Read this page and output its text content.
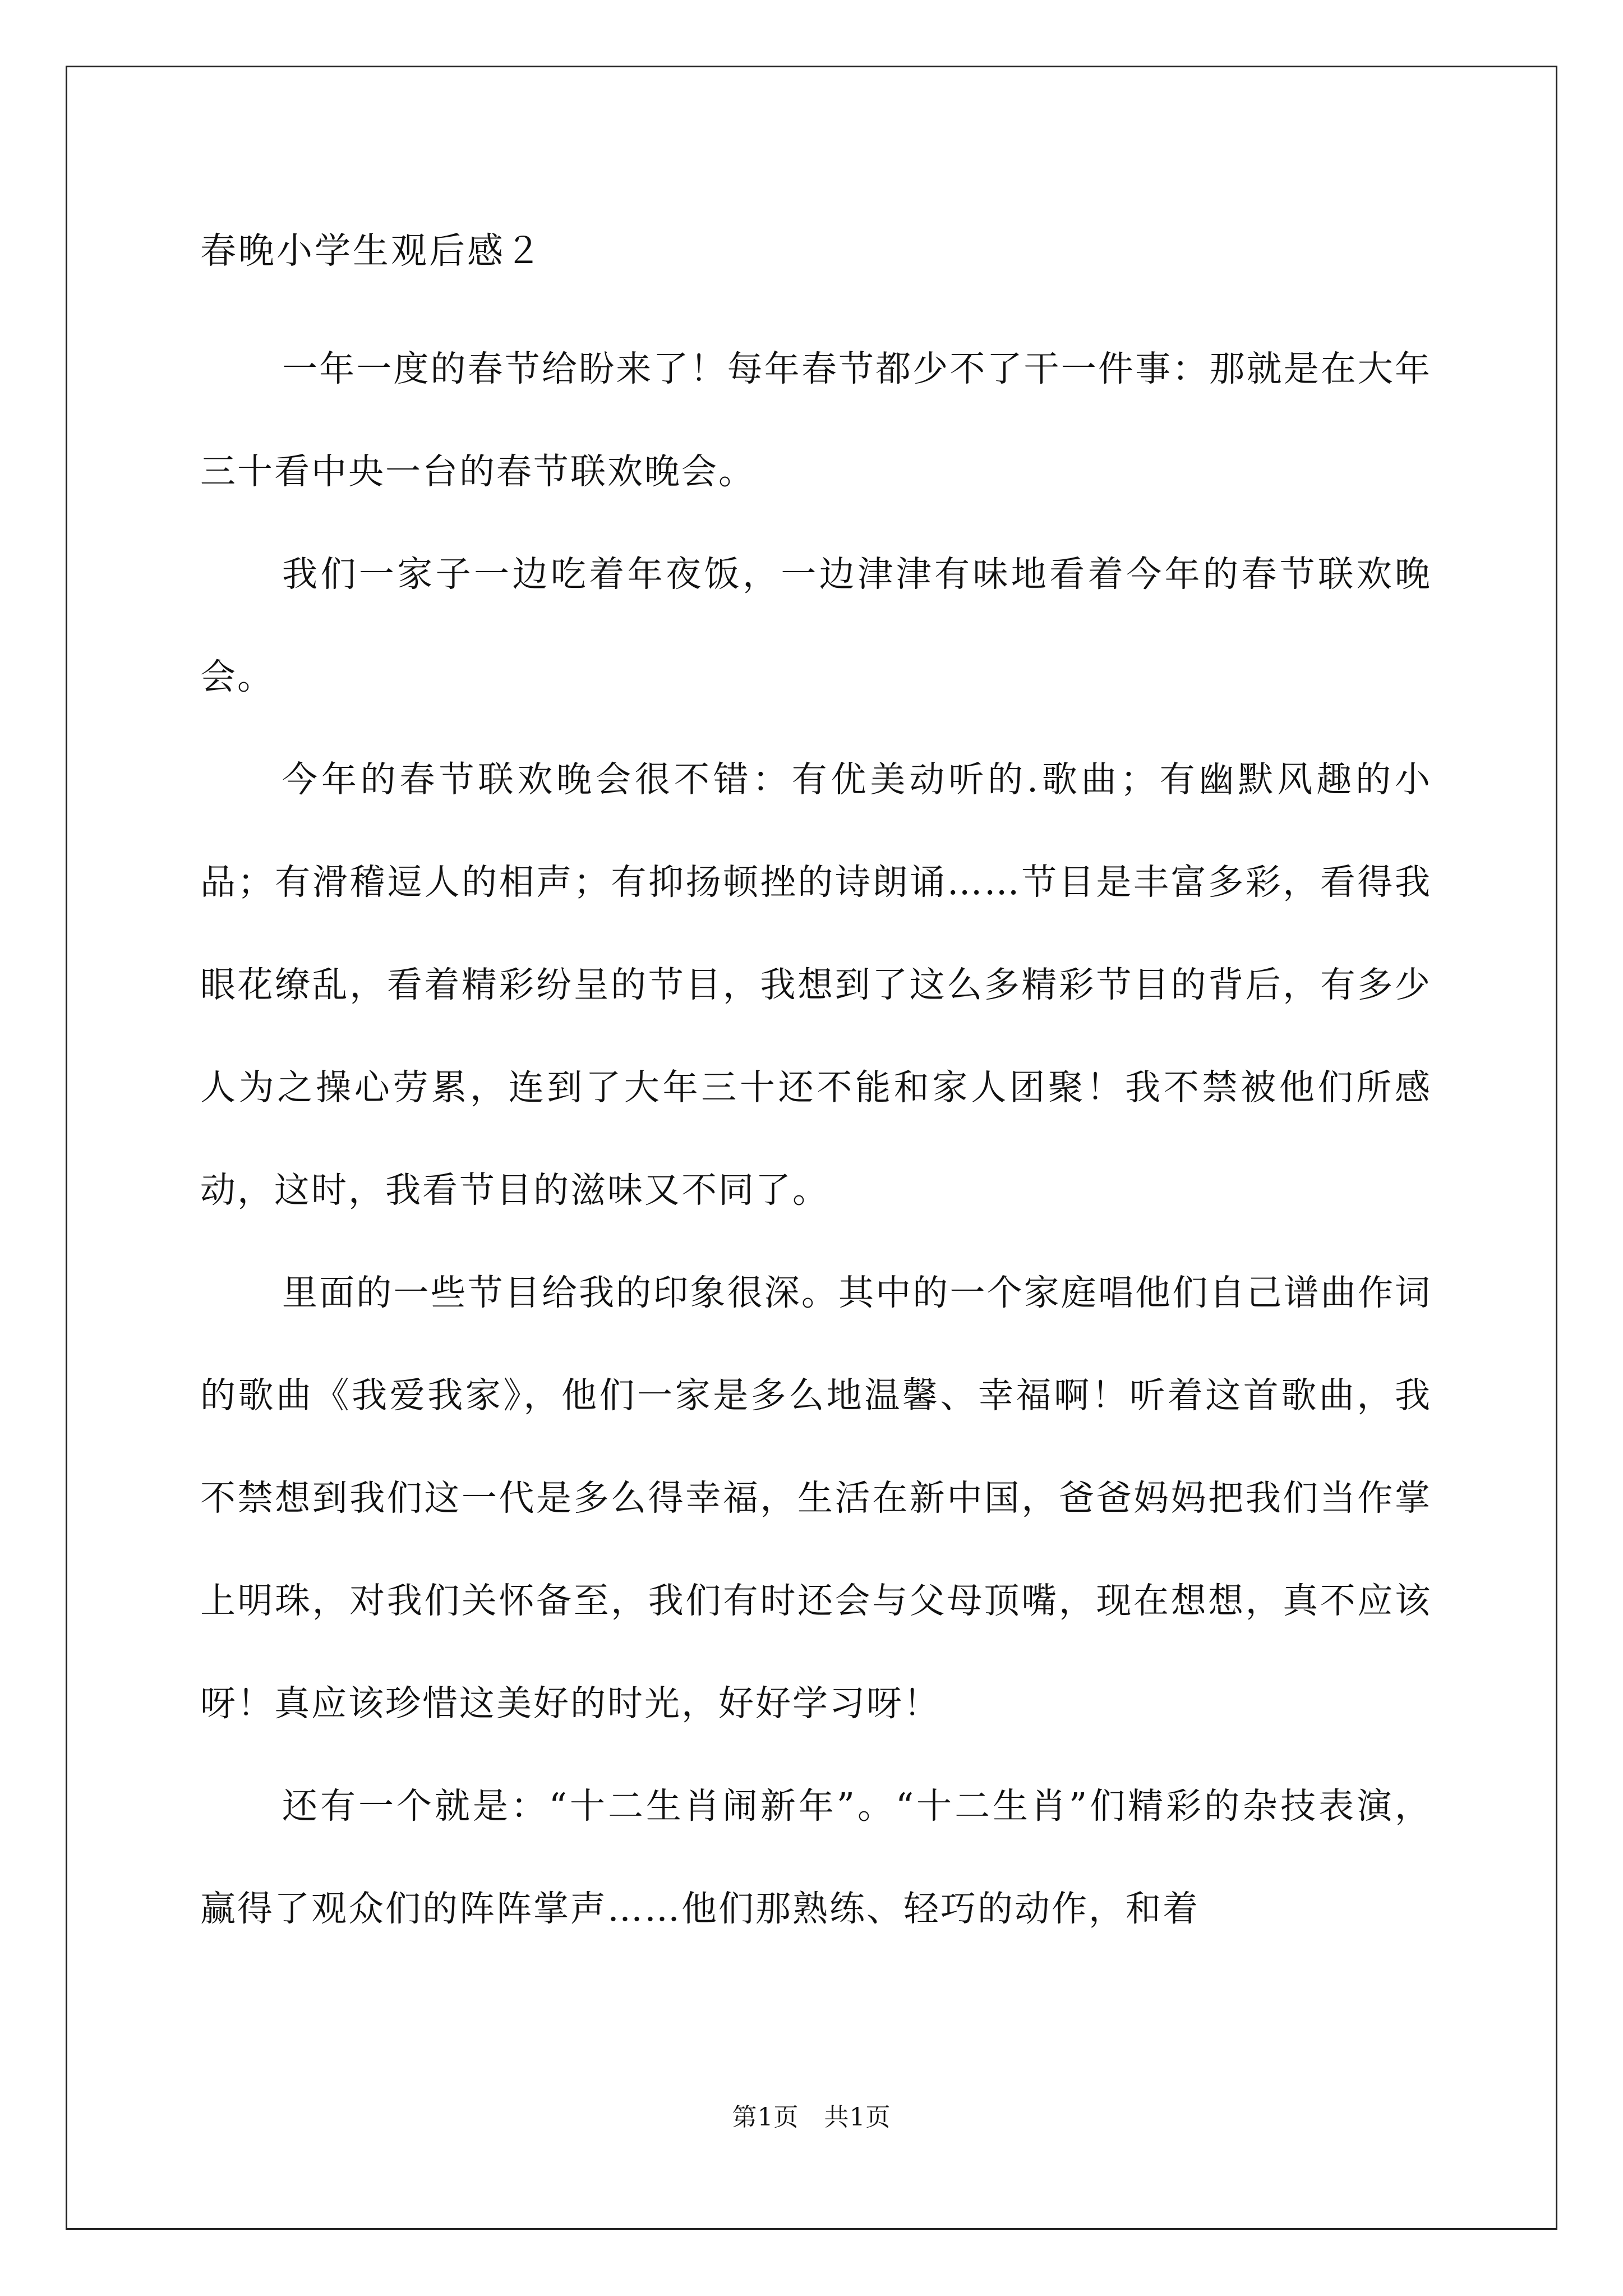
春晚小学生观后感２

一年一度的春节给盼来了！每年春节都少不了干一件事：那就是在大年三十看中央一台的春节联欢晚会。

我们一家子一边吃着年夜饭，一边津津有味地看着今年的春节联欢晚会。

今年的春节联欢晚会很不错：有优美动听的.歌曲；有幽默风趣的小品；有滑稽逗人的相声；有抑扬顿挫的诗朗诵……节目是丰富多彩，看得我眼花缭乱，看着精彩纷呈的节目，我想到了这么多精彩节目的背后，有多少人为之操心劳累，连到了大年三十还不能和家人团聚！我不禁被他们所感动，这时，我看节目的滋味又不同了。

里面的一些节目给我的印象很深。其中的一个家庭唱他们自己谱曲作词的歌曲《我爱我家》，他们一家是多么地温馨、幸福啊！听着这首歌曲，我不禁想到我们这一代是多么得幸福，生活在新中国，爸爸妈妈把我们当作掌上明珠，对我们关怀备至，我们有时还会与父母顶嘴，现在想想，真不应该呀！真应该珍惜这美好的时光，好好学习呀！

还有一个就是：“十二生肖闹新年”。“十二生肖”们精彩的杂技表演，赢得了观众们的阵阵掌声……他们那熟练、轻巧的动作，和着

第1页　共1页
